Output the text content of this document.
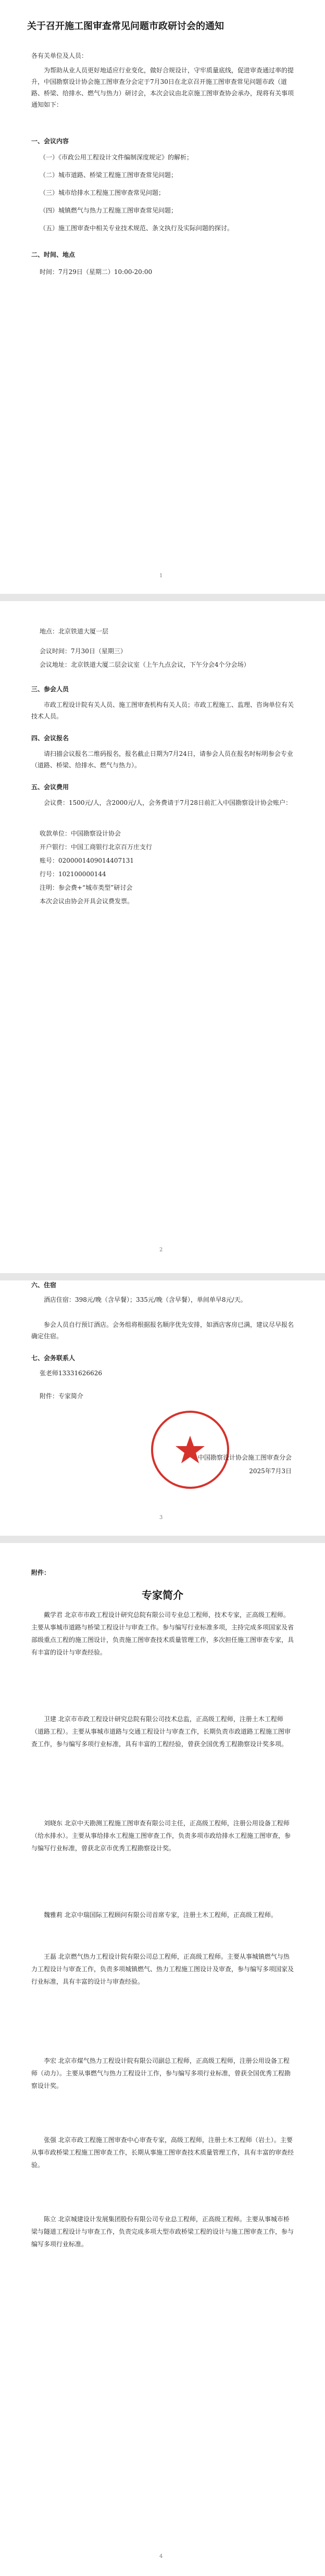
关于召开施工图审查常见问题市政研讨会的通知
各有关单位及人员：
为帮助从业人员更好地适应行业变化，做好合规设计，守牢质量底线，促进审查通过率的提升，中国勘察设计协会施工图审查分会定于7月30日在北京召开施工图审查常见问题市政（道路、桥梁、给排水、燃气与热力）研讨会，本次会议由北京施工图审查协会承办，现将有关事项通知如下：
一、会议内容
（一）《市政公用工程设计文件编制深度规定》的解析；
（二）城市道路、桥梁工程施工图审查常见问题；
（三）城市给排水工程施工图审查常见问题；
（四）城镇燃气与热力工程施工图审查常见问题；
（五）施工图审查中相关专业技术规范、条文执行及实际问题的探讨。
二、时间、地点
时间：7月29日（星期二）10:00-20:00
1
地点：北京铁道大厦一层
会议时间：7月30日（星期三）
会议地址：北京铁道大厦二层会议室（上午九点会议，下午分会4个分会场）
三、参会人员
市政工程设计院有关人员、施工图审查机构有关人员；市政工程施工、监理、咨询单位有关技术人员。
四、会议报名
请扫描会议报名二维码报名，报名截止日期为7月24日，请参会人员在报名时标明参会专业（道路、桥梁、给排水、燃气与热力）。
五、会议费用
会议费：1500元/人，含2000元/人，会务费请于7月28日前汇入中国勘察设计协会账户：
收款单位：中国勘察设计协会
开户银行：中国工商银行北京百万庄支行
账号：0200001409014407131
行号：102100000144
注明：参会费+“城市类型”研讨会
本次会议由协会开具会议费发票。
2
六、住宿
酒店住宿：398元/晚（含早餐）；335元/晚（含早餐），单间单早8元/天。
参会人员自行预订酒店。会务组将根据报名顺序优先安排，如酒店客房已满，建议尽早报名确定住宿。
七、会务联系人
张老师13331626626
附件：专家简介
中国勘察设计协会施工图审查分会
2025年7月3日
3
附件：
专家简介
戴学君 北京市市政工程设计研究总院有限公司专业总工程师，技术专家，正高级工程师。主要从事城市道路与桥梁工程设计与审查工作。参与编写行业标准多项，主持完成多项国家及省部级重点工程的施工图设计，负责施工图审查技术质量管理工作，多次担任施工图审查专家，具有丰富的设计与审查经验。
卫建 北京市市政工程设计研究总院有限公司技术总监，正高级工程师，注册土木工程师（道路工程）。主要从事城市道路与交通工程设计与审查工作，长期负责市政道路工程施工图审查工作，参与编写多项行业标准，具有丰富的工程经验，曾获全国优秀工程勘察设计奖多项。
刘晓东 北京中天勘测工程施工图审查有限公司主任，正高级工程师，注册公用设备工程师（给水排水）。主要从事给排水工程施工图审查工作，负责多项市政给排水工程施工图审查，参与编写行业标准，曾获北京市优秀工程勘察设计奖。
魏雅莉 北京中瑞国际工程顾问有限公司首席专家，注册土木工程师，正高级工程师。
王磊 北京燃气热力工程设计院有限公司总工程师，正高级工程师。主要从事城镇燃气与热力工程设计与审查工作，负责多项城镇燃气、热力工程施工图设计及审查，参与编写多项国家及行业标准，具有丰富的设计与审查经验。
李宏 北京市煤气热力工程设计院有限公司副总工程师，正高级工程师，注册公用设备工程师（动力）。主要从事燃气与热力工程设计工作，参与编写多项行业标准，曾获全国优秀工程勘察设计奖。
张强 北京市政工程施工图审查中心审查专家，高级工程师，注册土木工程师（岩土）。主要从事市政桥梁工程施工图审查工作，长期从事施工图审查技术质量管理工作，具有丰富的审查经验。
陈立 北京城建设计发展集团股份有限公司专业总工程师，正高级工程师。主要从事城市桥梁与隧道工程设计与审查工作，负责完成多项大型市政桥梁工程的设计与施工图审查工作，参与编写多项行业标准。
4
